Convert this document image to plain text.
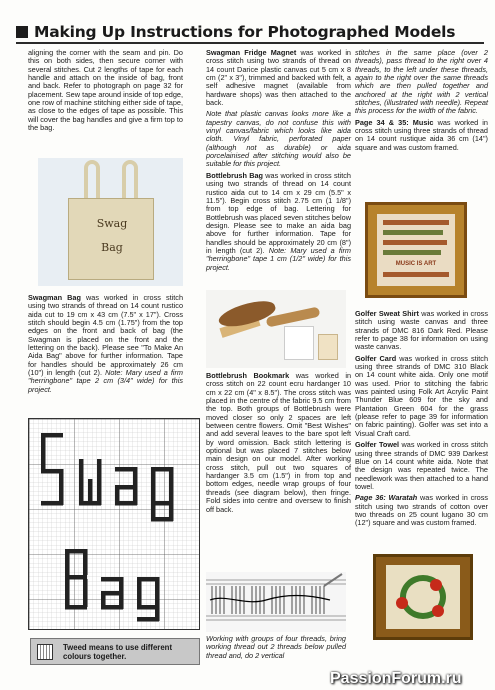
Making Up Instructions for Photographed Models

aligning the corner with the seam and pin. Do this on both sides, then secure corner with several stitches. Cut 2 lengths of tape for each handle and attach on the inside of bag, front and back. Refer to photograph on page 32 for placement. Sew tape around inside of top edge, one row of machine stitching either side of tape, as close to the edges of tape as possible. This will cover the bag handles and give a firm top to the bag.

Swag
Bag

Swagman Bag was worked in cross stitch using two strands of thread on 14 count rustico aida cut to 19 cm x 43 cm (7.5" x 17"). Cross stitch should begin 4.5 cm (1.75") from the top edges on the front and back of bag (the Swagman is placed on the front and the lettering on the back). Please see "To Make An Aida Bag" above for further information. Tape for handles should be approximately 26 cm (10") in length (cut 2). Note: Mary used a firm "herringbone" tape 2 cm (3/4" wide) for this project.

Tweed means to use different colours together.

Swagman Fridge Magnet was worked in cross stitch using two strands of thread on 14 count Darice plastic canvas cut 5 cm x 8 cm (2" x 3"), trimmed and backed with felt, a self adhesive magnet (available from hardware shops) was then attached to the back.

Note that plastic canvas looks more like a tapestry canvas, do not confuse this with vinyl canvas/fabric which looks like aida cloth. Vinyl fabric, perforated paper (although not as durable) or aida porcelainised after stitching would also be suitable for this project.

Bottlebrush Bag was worked in cross stitch using two strands of thread on 14 count rustico aida cut to 14 cm x 29 cm (5.5" x 11.5"). Begin cross stitch 2.75 cm (1 1/8") from top edge of bag. Lettering for Bottlebrush was placed seven stitches below design. Please see to make an aida bag above for further information. Tape for handles should be approximately 20 cm (8") in length (cut 2). Note: Mary used a firm "herringbone" tape 1 cm (1/2" wide) for this project.

Bottlebrush Bookmark was worked in cross stitch on 22 count ecru hardanger 10 cm x 22 cm (4" x 8.5"). The cross stitch was placed in the centre of the fabric 9.5 cm from the top. Both groups of Bottlebrush were moved closer so only 2 spaces are left between centre flowers. Omit "Best Wishes" and add several leaves to the bare spot left by word omission. Back stitch lettering is optional but was placed 7 stitches below main design on our model. After working cross stitch, pull out two squares of hardanger 3.5 cm (1.5") in from top and bottom edges, needle wrap groups of four threads (see diagram below), then fringe. Fold sides into centre and oversew to finish off back.

Working with groups of four threads, bring working thread out 2 threads below pulled thread and, do 2 vertical

stitches in the same place (over 2 threads), pass thread to the right over 4 threads, to the left under these threads, again to the right over the same threads which are then pulled together and anchored at the right with 2 vertical stitches, (illustrated with needle). Repeat this process for the width of the fabric.

Page 34 & 35: Music was worked in cross stitch using three strands of thread on 14 count rustique aida 36 cm (14") square and was custom framed.

MUSIC IS ART

Golfer Sweat Shirt was worked in cross stitch using waste canvas and three strands of DMC 816 Dark Red. Please refer to page 38 for information on using waste canvas.

Golfer Card was worked in cross stitch using three strands of DMC 310 Black on 14 count white aida. Only one motif was used. Prior to stitching the fabric was painted using Folk Art Acrylic Paint Thunder Blue 609 for the sky and Plantation Green 604 for the grass (please refer to page 39 for information on fabric painting). Golfer was set into a Visual Craft card.

Golfer Towel was worked in cross stitch using three strands of DMC 939 Darkest Blue on 14 count white aida. Note that the design was repeated twice. The needlework was then attached to a hand towel.

Page 36: Waratah was worked in cross stitch using two strands of cotton over two threads on 25 count lugano 30 cm (12") square and was custom framed.

PassionForum.ru
